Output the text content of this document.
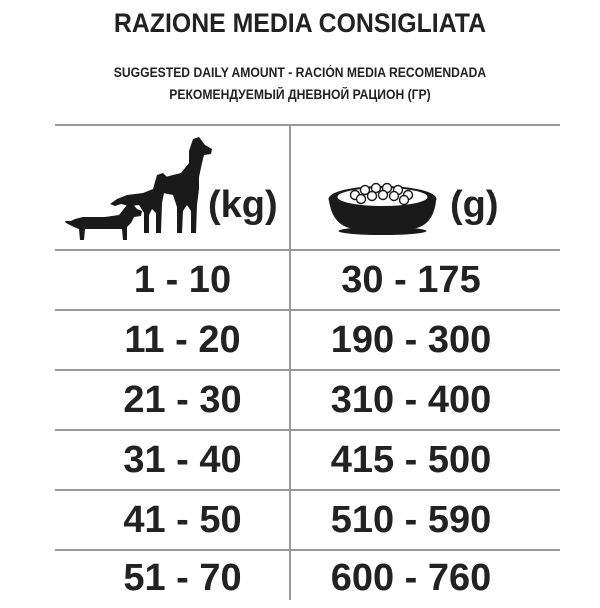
RAZIONE MEDIA CONSIGLIATA
SUGGESTED DAILY AMOUNT - RACIÓN MEDIA RECOMENDADA
РЕКОМЕНДУЕМЫЙ ДНЕВНОЙ РАЦИОН (ГР)
(kg)	(g)
1 - 10	30 - 175
11 - 20	190 - 300
21 - 30	310 - 400
31 - 40	415 - 500
41 - 50	510 - 590
51 - 70	600 - 760
